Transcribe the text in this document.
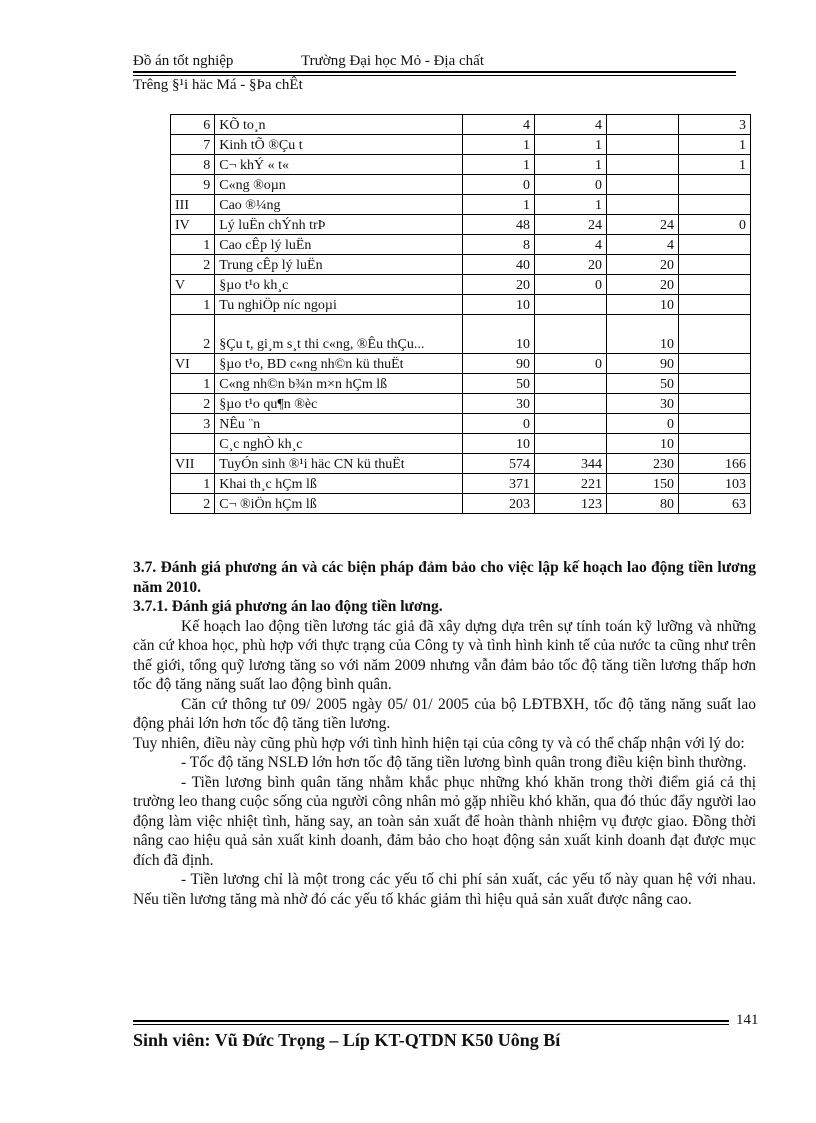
Đồ án tốt nghiệp	Trường Đại học Mỏ - Địa chất
Trêng §¹i häc Má - §Þa chÊt
6	KÕ to¸n	4	4		3
7	Kinh tÕ ®Çu t	1	1		1
8	C¬ khÝ « t«	1	1		1
9	C«ng ®oµn	0	0		
III	Cao ®¼ng	1	1		
IV	Lý luËn chÝnh trÞ	48	24	24	0
1	Cao cÊp lý luËn	8	4	4	
2	Trung cÊp lý luËn	40	20	20	
V	§µo t¹o kh¸c	20	0	20	
1	Tu nghiÖp níc ngoµi	10		10	
2	§Çu t, gi¸m s¸t thi c«ng, ®Êu thÇu...	10		10	
VI	§µo t¹o, BD c«ng nh©n kü thuËt	90	0	90	
1	C«ng nh©n b¾n m×n hÇm lß	50		50	
2	§µo t¹o qu¶n ®èc	30		30	
3	NÊu ¨n	0		0	
	C¸c nghÒ kh¸c	10		10	
VII	TuyÓn sinh ®¹i häc CN kü thuËt	574	344	230	166
1	Khai th¸c hÇm lß	371	221	150	103
2	C¬ ®iÖn hÇm lß	203	123	80	63

3.7. Đánh giá phương án và các biện pháp đảm bảo cho việc lập kế hoạch lao động tiền lương năm 2010.

3.7.1. Đánh giá phương án lao động tiền lương.

Kế hoạch lao động tiền lương tác giả đã xây dựng dựa trên sự tính toán kỹ lưỡng và những căn cứ khoa học, phù hợp với thực trạng của Công ty và tình hình kinh tế của nước ta cũng như trên thế giới, tổng quỹ lương tăng so với năm 2009 nhưng vẫn đảm bảo tốc độ tăng tiền lương thấp hơn tốc độ tăng năng suất lao động bình quân.

Căn cứ thông tư 09/ 2005 ngày 05/ 01/ 2005 của bộ LĐTBXH, tốc độ tăng năng suất lao động phải lớn hơn tốc độ tăng tiền lương.

Tuy nhiên, điều này cũng phù hợp với tình hình hiện tại của công ty và có thể chấp nhận với lý do:

- Tốc độ tăng NSLĐ lớn hơn tốc độ tăng tiền lương bình quân trong điều kiện bình thường.

- Tiền lương bình quân tăng nhằm khắc phục những khó khăn trong thời điểm giá cả thị trường leo thang cuộc sống của người công nhân mỏ gặp nhiều khó khăn, qua đó thúc đẩy người lao động làm việc nhiệt tình, hăng say, an toàn sản xuất để hoàn thành nhiệm vụ được giao. Đồng thời nâng cao hiệu quả sản xuất kinh doanh, đảm bảo cho hoạt động sản xuất kinh doanh đạt được mục đích đã định.

- Tiền lương chỉ là một trong các yếu tố chi phí sản xuất, các yếu tố này quan hệ với nhau. Nếu tiền lương tăng mà nhờ đó các yếu tố khác giảm thì hiệu quả sản xuất được nâng cao.

141
Sinh viên: Vũ Đức Trọng – Líp KT-QTDN K50 Uông Bí
